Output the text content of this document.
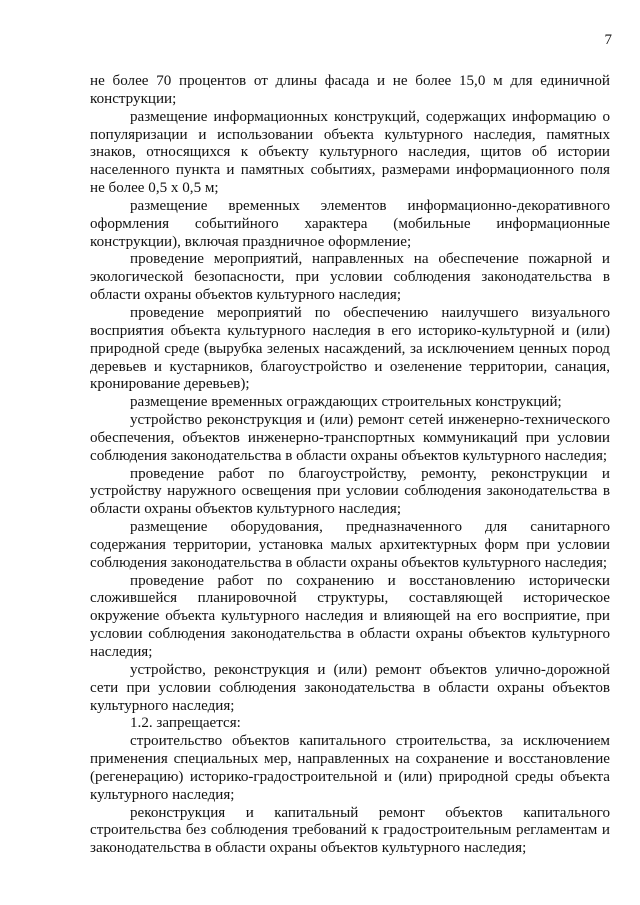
7

не более 70 процентов от длины фасада и не более 15,0 м для единичной конструкции;

размещение информационных конструкций, содержащих информацию о популяризации и использовании объекта культурного наследия, памятных знаков, относящихся к объекту культурного наследия, щитов об истории населенного пункта и памятных событиях, размерами информационного поля не более 0,5 х 0,5 м;

размещение временных элементов информационно-декоративного оформления событийного характера (мобильные информационные конструкции), включая праздничное оформление;

проведение мероприятий, направленных на обеспечение пожарной и экологической безопасности, при условии соблюдения законодательства в области охраны объектов культурного наследия;

проведение мероприятий по обеспечению наилучшего визуального восприятия объекта культурного наследия в его историко-культурной и (или) природной среде (вырубка зеленых насаждений, за исключением ценных пород деревьев и кустарников, благоустройство и озеленение территории, санация, кронирование деревьев);

размещение временных ограждающих строительных конструкций;

устройство реконструкция и (или) ремонт сетей инженерно-технического обеспечения, объектов инженерно-транспортных коммуникаций при условии соблюдения законодательства в области охраны объектов культурного наследия;

проведение работ по благоустройству, ремонту, реконструкции и устройству наружного освещения при условии соблюдения законодательства в области охраны объектов культурного наследия;

размещение оборудования, предназначенного для санитарного содержания территории, установка малых архитектурных форм при условии соблюдения законодательства в области охраны объектов культурного наследия;

проведение работ по сохранению и восстановлению исторически сложившейся планировочной структуры, составляющей историческое окружение объекта культурного наследия и влияющей на его восприятие, при условии соблюдения законодательства в области охраны объектов культурного наследия;

устройство, реконструкция и (или) ремонт объектов улично-дорожной сети при условии соблюдения законодательства в области охраны объектов культурного наследия;

1.2. запрещается:

строительство объектов капитального строительства, за исключением применения специальных мер, направленных на сохранение и восстановление (регенерацию) историко-градостроительной и (или) природной среды объекта культурного наследия;

реконструкция и капитальный ремонт объектов капитального строительства без соблюдения требований к градостроительным регламентам и законодательства в области охраны объектов культурного наследия;
